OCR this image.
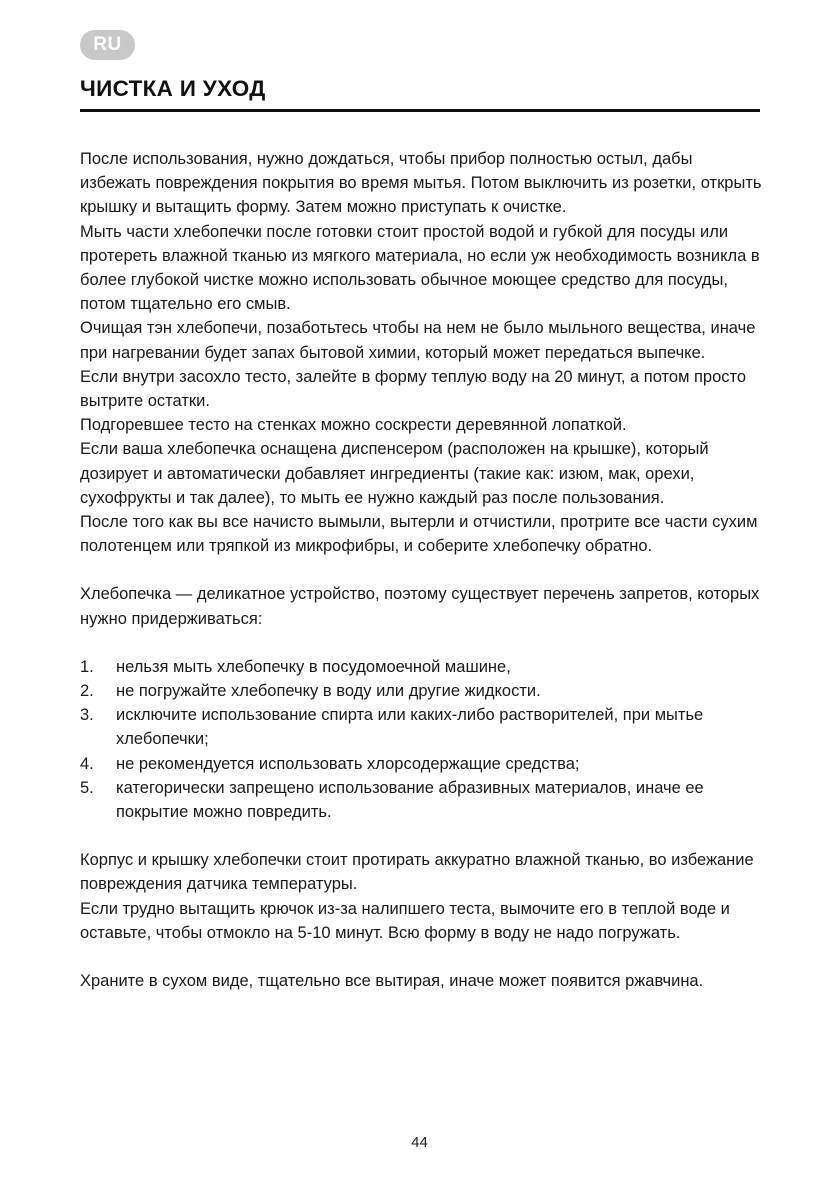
RU
ЧИСТКА И УХОД

После использования, нужно дождаться, чтобы прибор полностью остыл, дабы избежать повреждения покрытия во время мытья. Потом выключить из розетки, открыть крышку и вытащить форму. Затем можно приступать к очистке.

Мыть части хлебопечки после готовки стоит простой водой и губкой для посуды или протереть влажной тканью из мягкого материала, но если уж необходимость возникла в более глубокой чистке можно использовать обычное моющее средство для посуды, потом тщательно его смыв.

Очищая тэн хлебопечи, позаботьтесь чтобы на нем не было мыльного вещества, иначе при нагревании будет запах бытовой химии, который может передаться выпечке.

Если внутри засохло тесто, залейте в форму теплую воду на 20 минут, а потом просто вытрите остатки.

Подгоревшее тесто на стенках можно соскрести деревянной лопаткой.

Если ваша хлебопечка оснащена диспенсером (расположен на крышке), который дозирует и автоматически добавляет ингредиенты (такие как: изюм, мак, орехи, сухофрукты и так далее), то мыть ее нужно каждый раз после пользования.

После того как вы все начисто вымыли, вытерли и отчистили, протрите все части сухим полотенцем или тряпкой из микрофибры, и соберите хлебопечку обратно.

Хлебопечка — деликатное устройство, поэтому существует перечень запретов, которых нужно придерживаться:

1.	нельзя мыть хлебопечку в посудомоечной машине,
2.	не погружайте хлебопечку в воду или другие жидкости.
3.	исключите использование спирта или каких-либо растворителей, при мытье хлебопечки;
4.	не рекомендуется использовать хлорсодержащие средства;
5.	категорически запрещено использование абразивных материалов, иначе ее покрытие можно повредить.

Корпус и крышку хлебопечки стоит протирать аккуратно влажной тканью, во избежание повреждения датчика температуры.

Если трудно вытащить крючок из-за налипшего теста, вымочите его в теплой воде и оставьте, чтобы отмокло на 5-10 минут. Всю форму в воду не надо погружать.

Храните в сухом виде, тщательно все вытирая, иначе может появится ржавчина.

44
